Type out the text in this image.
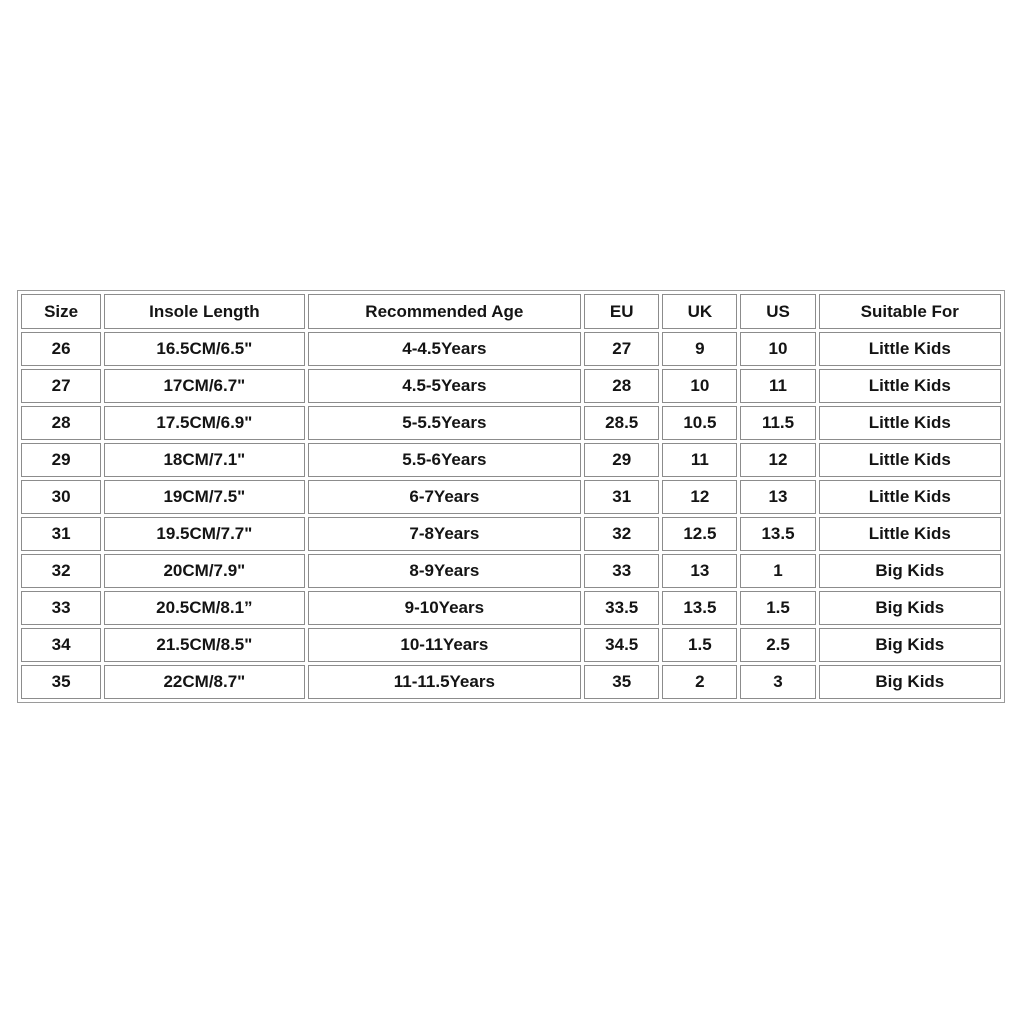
Size	Insole Length	Recommended Age	EU	UK	US	Suitable For
26	16.5CM/6.5"	4-4.5Years	27	9	10	Little Kids
27	17CM/6.7"	4.5-5Years	28	10	11	Little Kids
28	17.5CM/6.9"	5-5.5Years	28.5	10.5	11.5	Little Kids
29	18CM/7.1"	5.5-6Years	29	11	12	Little Kids
30	19CM/7.5"	6-7Years	31	12	13	Little Kids
31	19.5CM/7.7"	7-8Years	32	12.5	13.5	Little Kids
32	20CM/7.9"	8-9Years	33	13	1	Big Kids
33	20.5CM/8.1”	9-10Years	33.5	13.5	1.5	Big Kids
34	21.5CM/8.5"	10-11Years	34.5	1.5	2.5	Big Kids
35	22CM/8.7"	11-11.5Years	35	2	3	Big Kids
